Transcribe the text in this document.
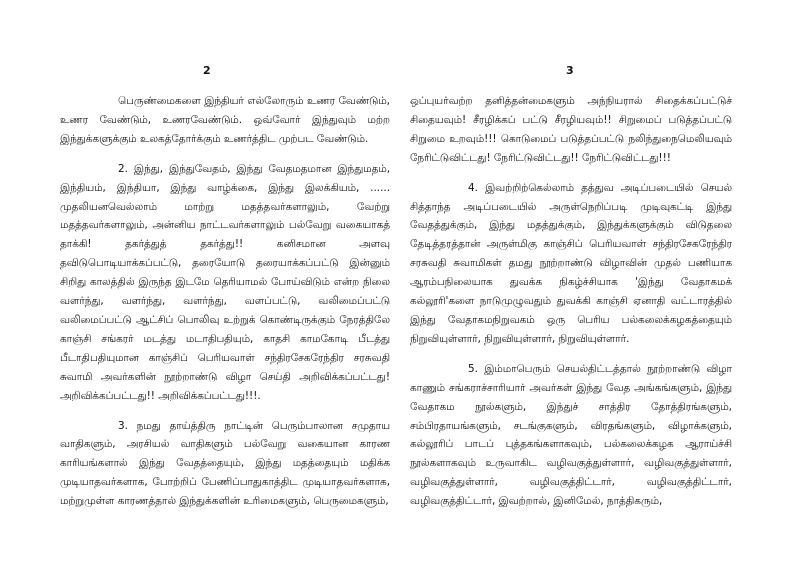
2	3

பெருண்மைகளை இந்தியர் எல்லோரும் உணர வேண்டும், உணர வேண்டும், உணரவேண்டும். ஒவ்வோர் இந்துவும் மற்ற இந்துக்களுக்கும் உலகத்தோர்க்கும் உணர்த்திட முற்பட வேண்டும்.

2. இந்து, இந்துவேதம், இந்து வேதமதமான இந்துமதம், இந்தியம், இந்தியா, இந்து வாழ்க்கை, இந்து இலக்கியம், ...... முதலியனவெல்லாம் மாற்று மதத்தவர்களாலும், வேற்று மதத்தவர்களாலும், அன்னிய நாட்டவர்களாலும் பல்வேறு வகையாகத் தாக்கி! தகர்த்துத் தகர்த்து!! கனிசமான அளவு தவிடுபொடியாக்கப்பட்டு, தரையோடு தரையாக்கப்பட்டு இன்னும் சிறிது காலத்தில் இருந்த இடமே தெரியாமல் போய்விடும் என்ற நிலை வளர்ந்து, வளர்ந்து, வளர்ந்து, வளப்பட்டு, வலிமைப்பட்டு வலிமைப்பட்டு ஆட்சிப் பொலிவு உற்றுக் கொண்டிருக்கும் நேரத்திலே காஞ்சி சங்கரர் மடத்து மடாதிபதியும், காதசி காமகோடி பீடத்து பீடாதிபதியுமான காஞ்சிப் பெரியவாள் சந்திரசேகரேந்திர சரசுவதி சுவாமி அவர்களின் நூற்றாண்டு விழா செய்தி அறிவிக்கப்பட்டது! அறிவிக்கப்பட்டது!! அறிவிக்கப்பட்டது!!!.

3. நமது தாய்த்திரு நாட்டின் பெரும்பாலான சமுதாய வாதிகளும், அரசியல் வாதிகளும் பல்வேறு வகையான காரண காரியங்களால் இந்து வேதத்தையும், இந்து மதத்தையும் மதிக்க முடியாதவர்களாக, போற்றிப் பேணிப்பாதுகாத்திட முடியாதவர்களாக, மற்றுமுள்ள காரணத்தால் இந்துக்களின் உரிமைகளும், பெருமைகளும்,

ஒப்புயர்வற்ற தனித்தன்மைகளும் அந்நியரால் சிதைக்கப்பட்டுச் சிதையவும்! சீரழிக்கப் பட்டு சீரழியவும்!! சிறுமைப் படுத்தப்பட்டு சிறுமை உறவும்!!! கொடுமைப் படுத்தப்பட்டு நலிந்துநைமெலியவும் நேரிட்டுவிட்டது! நேரிட்டுவிட்டது!! நேரிட்டுவிட்டது!!!

4. இவற்றிற்கெல்லாம் தத்துவ அடிப்படையில் செயல் சித்தாந்த அடிப்படையில் அருள்நெறிப்படி முடிவுகட்டி இந்து வேதத்துக்கும், இந்து மதத்துக்கும், இந்துக்களுக்கும் விடுதலை தேடித்தரத்தான் அருள்மிகு காஞ்சிப் பெரியவாள் சந்திரசேகரேந்திர சரசுவதி சுவாமிகள் தமது நூற்றாண்டு விழாவின் முதல் பணியாக ஆரம்பநிலையாக துவக்க நிகழ்ச்சியாக 'இந்து வேதாகமக் கல்லூரி'களை நாடுமுழுவதும் துவக்கி காஞ்சி ஏனாதி வட்டாரத்தில் இந்து வேதாகமநிறுவகம் ஒரு பெரிய பல்கலைக்கழகத்தையும் நிறுவியுள்ளார், நிறுவியுள்ளார், நிறுவியுள்ளார்.

5. இம்மாபெரும் செயல்திட்டத்தால் நூற்றாண்டு விழா காணும் சங்கராச்சாரியார் அவர்கள் இந்து வேத அங்கங்களும், இந்து வேதாகம நூல்களும், இந்துச் சாத்திர தோத்திரங்களும், சம்பிரதாயங்களும், சடங்குகளும், விரதங்களும், விழாக்களும், கல்லூரிப் பாடப் புத்தகங்களாகவும், பல்கலைக்கழக ஆராய்ச்சி நூல்களாகவும் உருவாகிட வழிவகுத்துள்ளார், வழிவகுத்துள்ளார், வழிவகுத்துள்ளார், வழிவகுத்திட்டார், வழிவகுத்திட்டார், வழிவகுத்திட்டார், இவற்றால், இனிமேல், நாத்திகரும்,
